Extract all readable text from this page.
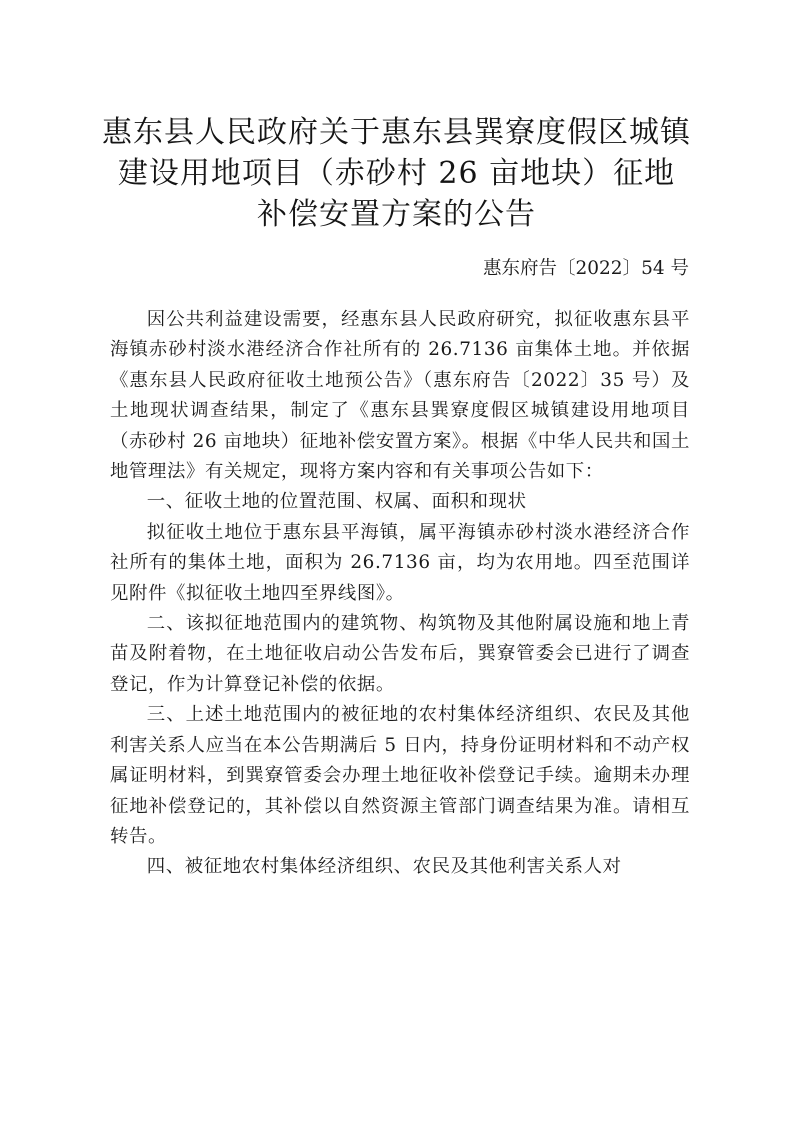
惠东县人民政府关于惠东县巽寮度假区城镇
建设用地项目（赤砂村 26 亩地块）征地
补偿安置方案的公告
惠东府告〔2022〕54 号

因公共利益建设需要，经惠东县人民政府研究，拟征收惠东县平海镇赤砂村淡水港经济合作社所有的 26.7136 亩集体土地。并依据《惠东县人民政府征收土地预公告》（惠东府告〔2022〕35 号）及土地现状调查结果，制定了《惠东县巽寮度假区城镇建设用地项目（赤砂村 26 亩地块）征地补偿安置方案》。根据《中华人民共和国土地管理法》有关规定，现将方案内容和有关事项公告如下：

一、征收土地的位置范围、权属、面积和现状

拟征收土地位于惠东县平海镇，属平海镇赤砂村淡水港经济合作社所有的集体土地，面积为 26.7136 亩，均为农用地。四至范围详见附件《拟征收土地四至界线图》。

二、该拟征地范围内的建筑物、构筑物及其他附属设施和地上青苗及附着物，在土地征收启动公告发布后，巽寮管委会已进行了调查登记，作为计算登记补偿的依据。

三、上述土地范围内的被征地的农村集体经济组织、农民及其他利害关系人应当在本公告期满后 5 日内，持身份证明材料和不动产权属证明材料，到巽寮管委会办理土地征收补偿登记手续。逾期未办理征地补偿登记的，其补偿以自然资源主管部门调查结果为准。请相互转告。

四、被征地农村集体经济组织、农民及其他利害关系人对
